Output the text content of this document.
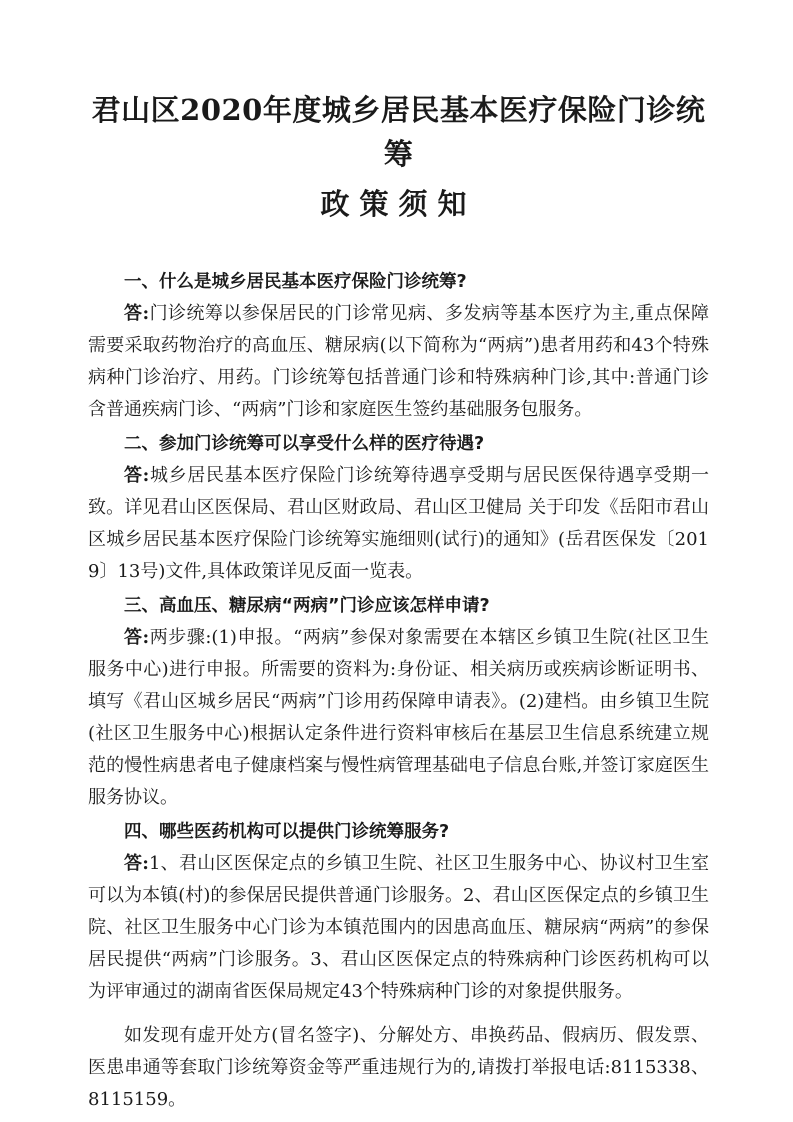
君山区2020年度城乡居民基本医疗保险门诊统筹
政策须知

一、什么是城乡居民基本医疗保险门诊统筹?

答:门诊统筹以参保居民的门诊常见病、多发病等基本医疗为主,重点保障需要采取药物治疗的高血压、糖尿病(以下简称为“两病”)患者用药和43个特殊病种门诊治疗、用药。门诊统筹包括普通门诊和特殊病种门诊,其中:普通门诊含普通疾病门诊、“两病”门诊和家庭医生签约基础服务包服务。

二、参加门诊统筹可以享受什么样的医疗待遇?

答:城乡居民基本医疗保险门诊统筹待遇享受期与居民医保待遇享受期一致。详见君山区医保局、君山区财政局、君山区卫健局 关于印发《岳阳市君山区城乡居民基本医疗保险门诊统筹实施细则(试行)的通知》(岳君医保发〔2019〕13号)文件,具体政策详见反面一览表。

三、高血压、糖尿病“两病”门诊应该怎样申请?

答:两步骤:(1)申报。“两病”参保对象需要在本辖区乡镇卫生院(社区卫生服务中心)进行申报。所需要的资料为:身份证、相关病历或疾病诊断证明书、填写《君山区城乡居民“两病”门诊用药保障申请表》。(2)建档。由乡镇卫生院(社区卫生服务中心)根据认定条件进行资料审核后在基层卫生信息系统建立规范的慢性病患者电子健康档案与慢性病管理基础电子信息台账,并签订家庭医生服务协议。

四、哪些医药机构可以提供门诊统筹服务?

答:1、君山区医保定点的乡镇卫生院、社区卫生服务中心、协议村卫生室可以为本镇(村)的参保居民提供普通门诊服务。2、君山区医保定点的乡镇卫生院、社区卫生服务中心门诊为本镇范围内的因患高血压、糖尿病“两病”的参保居民提供“两病”门诊服务。3、君山区医保定点的特殊病种门诊医药机构可以为评审通过的湖南省医保局规定43个特殊病种门诊的对象提供服务。

如发现有虚开处方(冒名签字)、分解处方、串换药品、假病历、假发票、医患串通等套取门诊统筹资金等严重违规行为的,请拨打举报电话:8115338、8115159。
